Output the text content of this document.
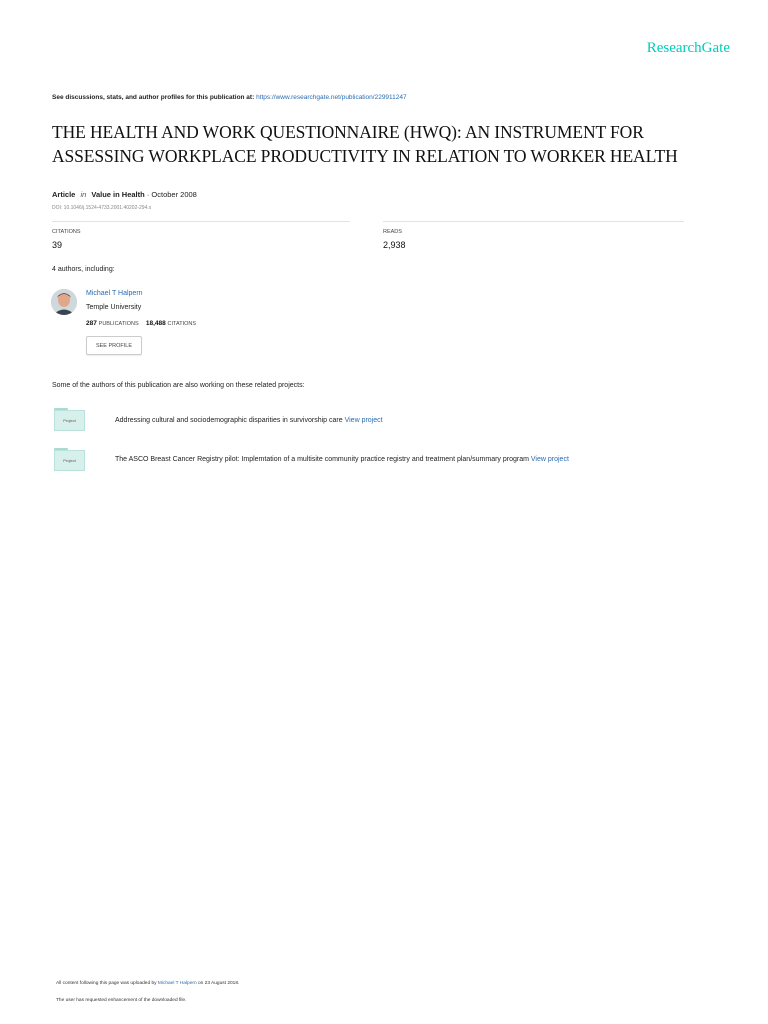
ResearchGate
See discussions, stats, and author profiles for this publication at: https://www.researchgate.net/publication/229911247
THE HEALTH AND WORK QUESTIONNAIRE (HWQ): AN INSTRUMENT FOR
ASSESSING WORKPLACE PRODUCTIVITY IN RELATION TO WORKER HEALTH
Article in Value in Health · October 2008
DOI: 10.1046/j.1524-4733.2001.40202-294.x
CITATIONS
39
READS
2,938
4 authors, including:
Michael T Halpern
Temple University
287 PUBLICATIONS 18,488 CITATIONS
SEE PROFILE
Some of the authors of this publication are also working on these related projects:
Project	Addressing cultural and sociodemographic disparities in survivorship care View project
Project	The ASCO Breast Cancer Registry pilot: Implemtation of a multisite community practice registry and treatment plan/summary program View project
All content following this page was uploaded by Michael T Halpern on 23 August 2018.
The user has requested enhancement of the downloaded file.
